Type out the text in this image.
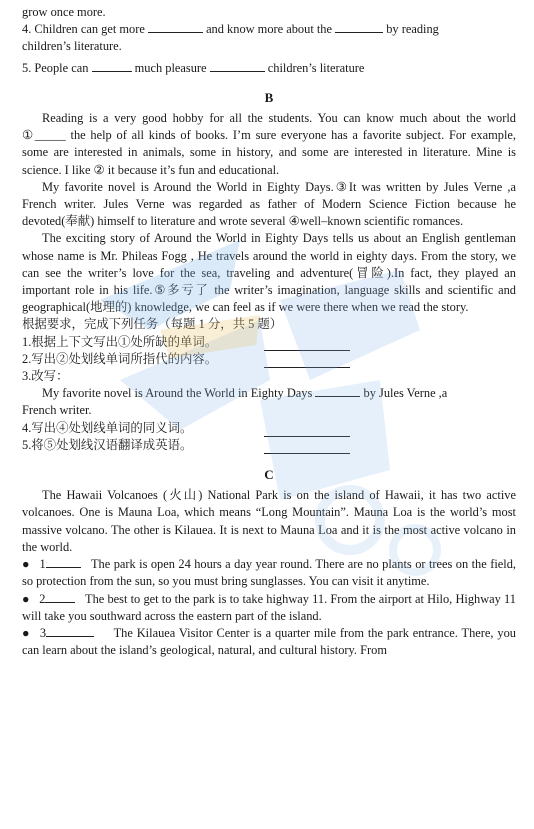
grow once more.

4. Children can get more	and know more about the	by reading

children’s literature.

5. People can	much pleasure	children’s literature

B

Reading is a very good hobby for all the students. You can know much about the world ①_____ the help of all kinds of books. I’m sure everyone has a favorite subject. For example, some are interested in animals, some in history, and some are interested in literature. Mine is science. I like ② it because it’s fun and educational.

My favorite novel is Around the World in Eighty Days.③It was written by Jules Verne ,a French writer. Jules Verne was regarded as father of Modern Science Fiction because he devoted(奉献) himself to literature and wrote several ④well–known scientific romances.

The exciting story of Around the World in Eighty Days tells us about an English gentleman whose name is Mr. Phileas Fogg , He travels around the world in eighty days. From the story, we can see the writer’s love for the sea, traveling and adventure(冒险).In fact, they played an important role in his life.⑤多亏了 the writer’s imagination, language skills and scientific and geographical(地理的) knowledge, we can feel as if we were there when we read the story.

根据要求，完成下列任务（每题 1 分，共 5 题）

1.根据上下文写出①处所缺的单词。
2.写出②处划线单词所指代的内容。

3.改写：

My favorite novel is Around the World in Eighty Days	by Jules Verne ,a

French writer.

4.写出④处划线单词的同义词。
5.将⑤处划线汉语翻译成英语。
C

The Hawaii Volcanoes (火山) National Park is on the island of Hawaii, it has two active volcanoes. One is Mauna Loa, which means “Long Mountain”. Mauna Loa is the world’s most massive volcano. The other is Kilauea. It is next to Mauna Loa and it is the most active volcano in the world.

● 1	The park is open 24 hours a day year round. There are no plants or trees on the field, so protection from the sun, so you must bring sunglasses. You can visit it anytime.

● 2	The best to get to the park is to take highway 11. From the airport at Hilo, Highway 11 will take you southward across the eastern part of the island.

● 3	The Kilauea Visitor Center is a quarter mile from the park entrance. There, you can learn about the island’s geological, natural, and cultural history. From
